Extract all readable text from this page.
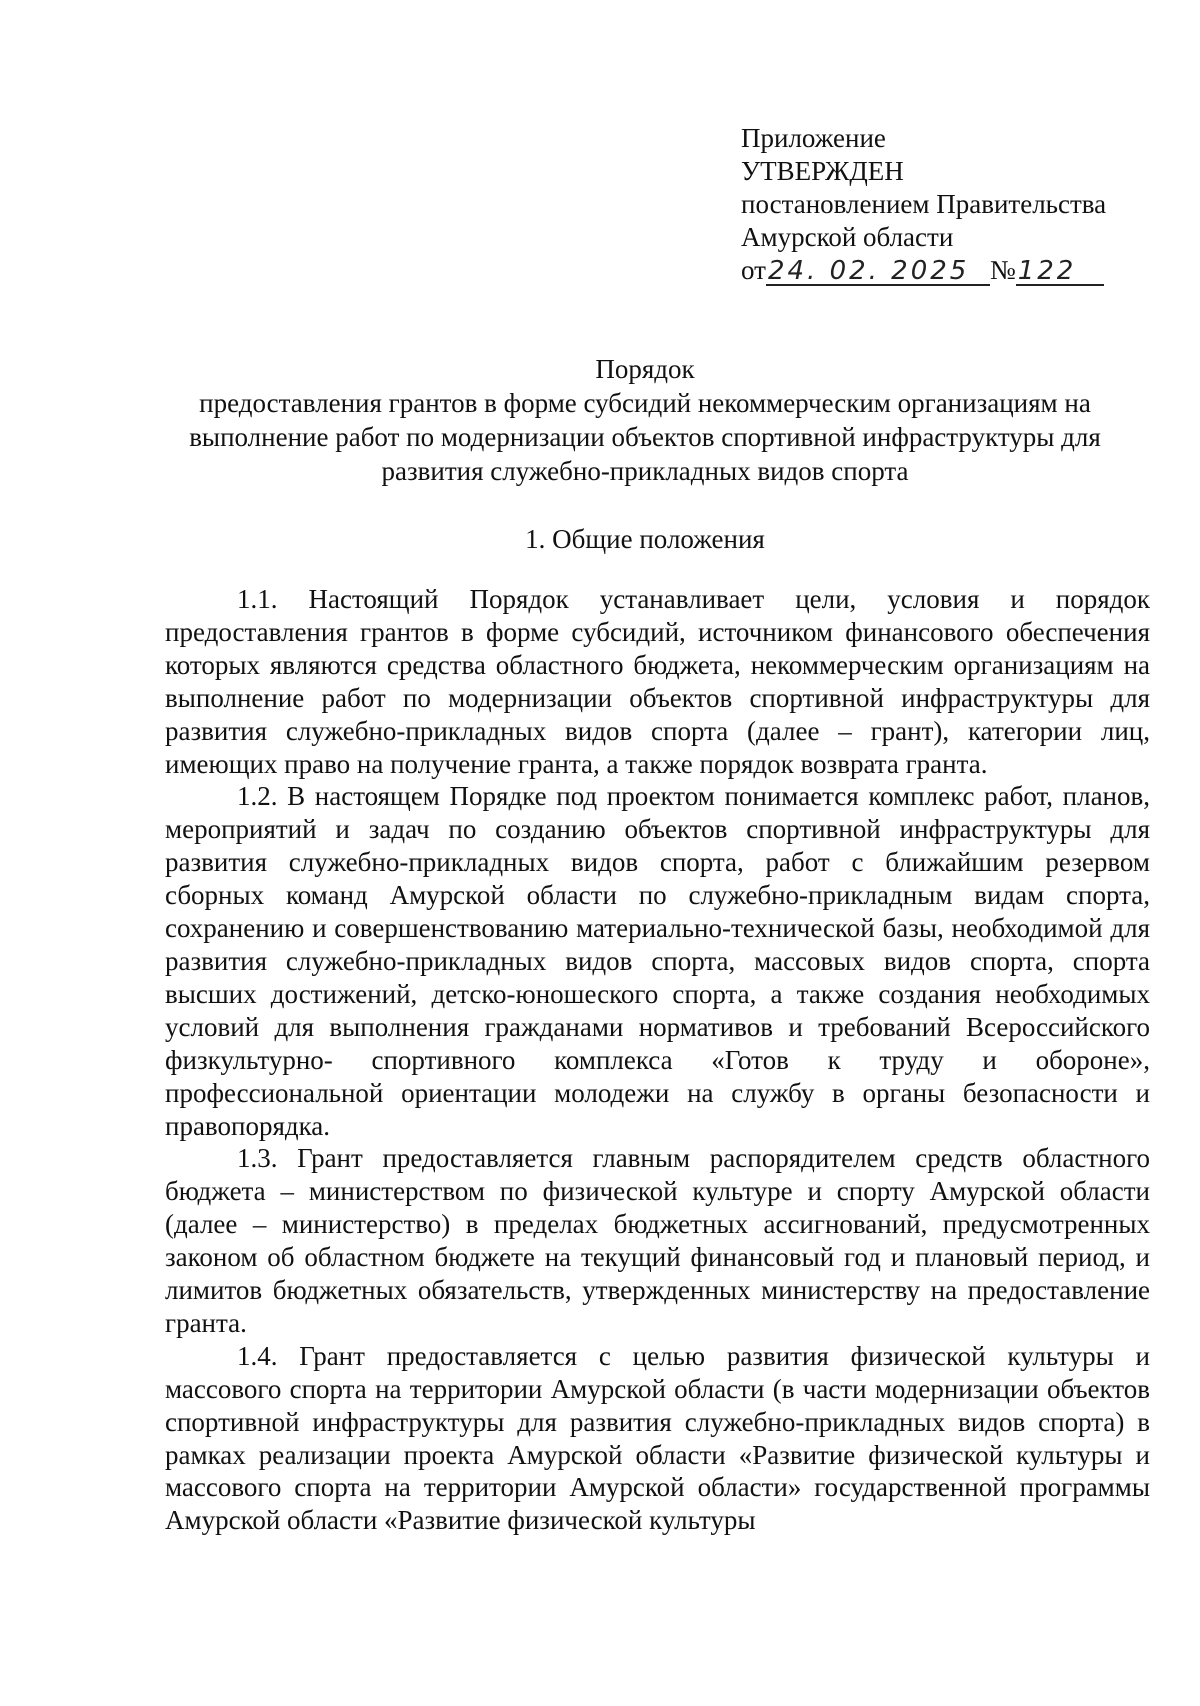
Приложение
УТВЕРЖДЕН
постановлением Правительства
Амурской области
от 24. 02. 2025 № 122
Порядок
предоставления грантов в форме субсидий некоммерческим организациям на
выполнение работ по модернизации объектов спортивной инфраструктуры для
развития служебно-прикладных видов спорта
1. Общие положения

1.1. Настоящий Порядок устанавливает цели, условия и порядок предоставления грантов в форме субсидий, источником финансового обеспечения которых являются средства областного бюджета, некоммерческим организациям на выполнение работ по модернизации объектов спортивной инфраструктуры для развития служебно-прикладных видов спорта (далее – грант), категории лиц, имеющих право на получение гранта, а также порядок возврата гранта.

1.2. В настоящем Порядке под проектом понимается комплекс работ, планов, мероприятий и задач по созданию объектов спортивной инфраструктуры для развития служебно-прикладных видов спорта, работ с ближайшим резервом сборных команд Амурской области по служебно-прикладным видам спорта, сохранению и совершенствованию материально-технической базы, необходимой для развития служебно-прикладных видов спорта, массовых видов спорта, спорта высших достижений, детско-юношеского спорта, а также создания необходимых условий для выполнения гражданами нормативов и требований Всероссийского физкультурно- спортивного комплекса «Готов к труду и обороне», профессиональной ориентации молодежи на службу в органы безопасности и правопорядка.

1.3. Грант предоставляется главным распорядителем средств областного бюджета – министерством по физической культуре и спорту Амурской области (далее – министерство) в пределах бюджетных ассигнований, предусмотренных законом об областном бюджете на текущий финансовый год и плановый период, и лимитов бюджетных обязательств, утвержденных министерству на предоставление гранта.

1.4. Грант предоставляется с целью развития физической культуры и массового спорта на территории Амурской области (в части модернизации объектов спортивной инфраструктуры для развития служебно-прикладных видов спорта) в рамках реализации проекта Амурской области «Развитие физической культуры и массового спорта на территории Амурской области» государственной программы Амурской области «Развитие физической культуры
